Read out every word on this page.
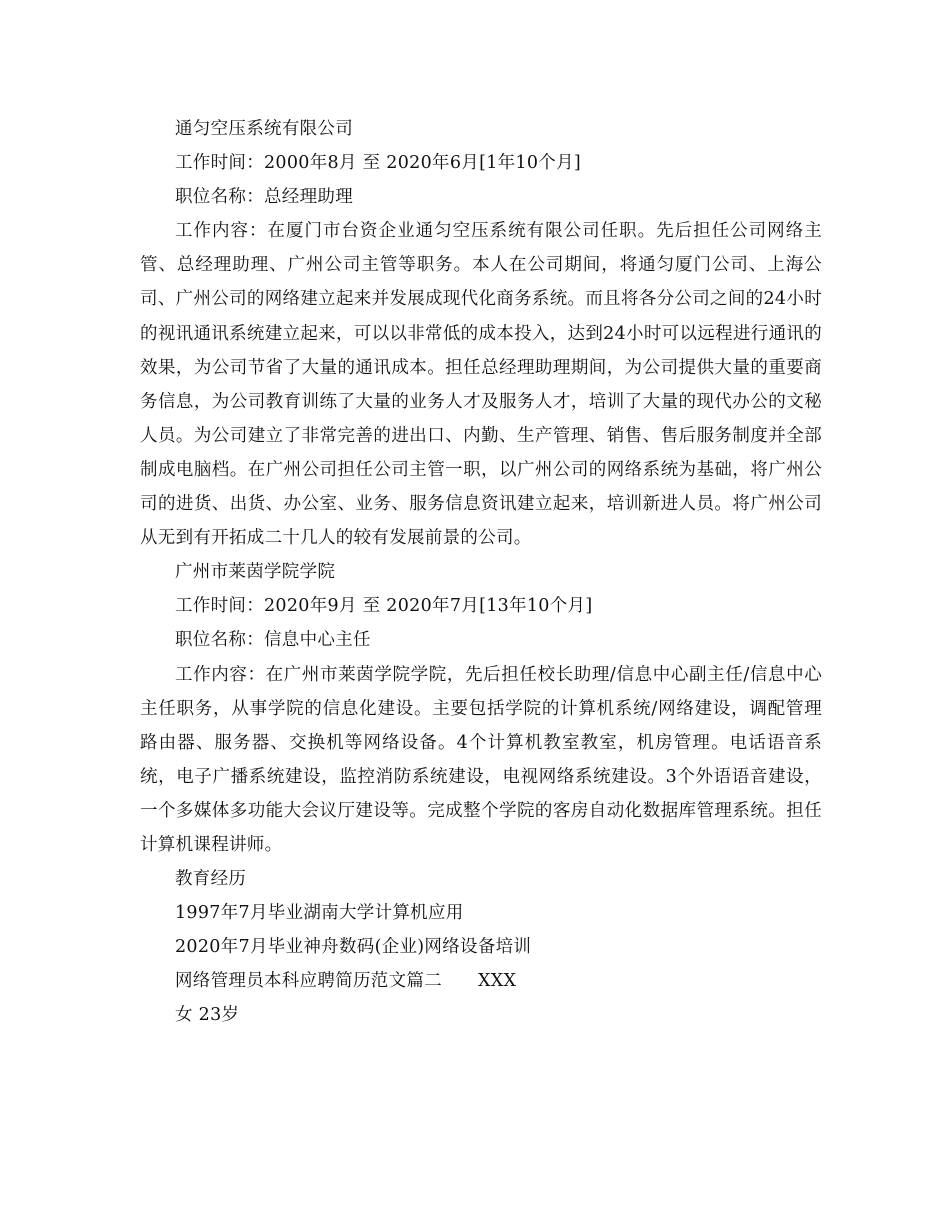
通匀空压系统有限公司

工作时间：2000年8月 至 2020年6月[1年10个月]

职位名称：总经理助理

工作内容：在厦门市台资企业通匀空压系统有限公司任职。先后担任公司网络主管、总经理助理、广州公司主管等职务。本人在公司期间，将通匀厦门公司、上海公司、广州公司的网络建立起来并发展成现代化商务系统。而且将各分公司之间的24小时的视讯通讯系统建立起来，可以以非常低的成本投入，达到24小时可以远程进行通讯的效果，为公司节省了大量的通讯成本。担任总经理助理期间，为公司提供大量的重要商务信息，为公司教育训练了大量的业务人才及服务人才，培训了大量的现代办公的文秘人员。为公司建立了非常完善的进出口、内勤、生产管理、销售、售后服务制度并全部制成电脑档。在广州公司担任公司主管一职，以广州公司的网络系统为基础，将广州公司的进货、出货、办公室、业务、服务信息资讯建立起来，培训新进人员。将广州公司从无到有开拓成二十几人的较有发展前景的公司。

广州市莱茵学院学院

工作时间：2020年9月 至 2020年7月[13年10个月]

职位名称：信息中心主任

工作内容：在广州市莱茵学院学院，先后担任校长助理/信息中心副主任/信息中心主任职务，从事学院的信息化建设。主要包括学院的计算机系统/网络建设，调配管理路由器、服务器、交换机等网络设备。4个计算机教室教室，机房管理。电话语音系统，电子广播系统建设，监控消防系统建设，电视网络系统建设。3个外语语音建设，一个多媒体多功能大会议厅建设等。完成整个学院的客房自动化数据库管理系统。担任计算机课程讲师。

教育经历

1997年7月毕业湖南大学计算机应用

2020年7月毕业神舟数码(企业)网络设备培训

网络管理员本科应聘简历范文篇二 XXX

女 23岁
